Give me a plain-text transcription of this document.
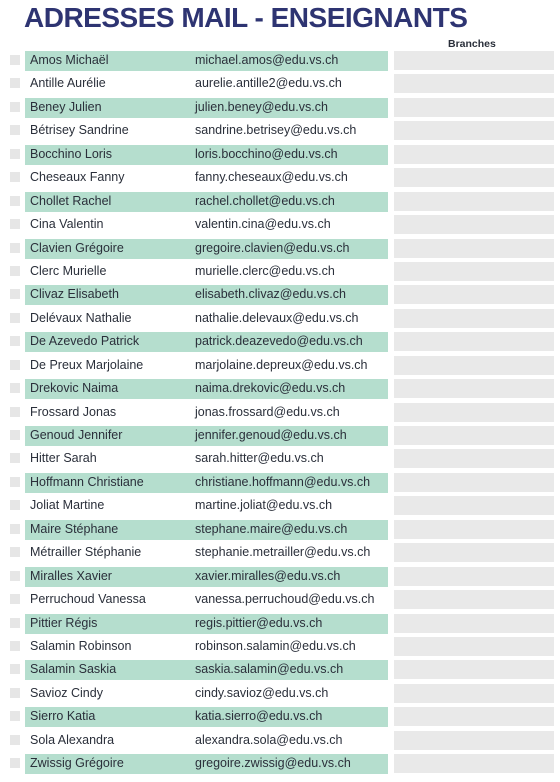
ADRESSES MAIL - ENSEIGNANTS
Branches
Amos Michaël	michael.amos@edu.vs.ch
Antille Aurélie	aurelie.antille2@edu.vs.ch
Beney Julien	julien.beney@edu.vs.ch
Bétrisey Sandrine	sandrine.betrisey@edu.vs.ch
Bocchino Loris	loris.bocchino@edu.vs.ch
Cheseaux Fanny	fanny.cheseaux@edu.vs.ch
Chollet Rachel	rachel.chollet@edu.vs.ch
Cina Valentin	valentin.cina@edu.vs.ch
Clavien Grégoire	gregoire.clavien@edu.vs.ch
Clerc Murielle	murielle.clerc@edu.vs.ch
Clivaz Elisabeth	elisabeth.clivaz@edu.vs.ch
Delévaux Nathalie	nathalie.delevaux@edu.vs.ch
De Azevedo Patrick	patrick.deazevedo@edu.vs.ch
De Preux Marjolaine	marjolaine.depreux@edu.vs.ch
Drekovic Naima	naima.drekovic@edu.vs.ch
Frossard Jonas	jonas.frossard@edu.vs.ch
Genoud Jennifer	jennifer.genoud@edu.vs.ch
Hitter Sarah	sarah.hitter@edu.vs.ch
Hoffmann Christiane	christiane.hoffmann@edu.vs.ch
Joliat Martine	martine.joliat@edu.vs.ch
Maire Stéphane	stephane.maire@edu.vs.ch
Métrailler Stéphanie	stephanie.metrailler@edu.vs.ch
Miralles Xavier	xavier.miralles@edu.vs.ch
Perruchoud Vanessa	vanessa.perruchoud@edu.vs.ch
Pittier Régis	regis.pittier@edu.vs.ch
Salamin Robinson	robinson.salamin@edu.vs.ch
Salamin Saskia	saskia.salamin@edu.vs.ch
Savioz Cindy	cindy.savioz@edu.vs.ch
Sierro Katia	katia.sierro@edu.vs.ch
Sola Alexandra	alexandra.sola@edu.vs.ch
Zwissig Grégoire	gregoire.zwissig@edu.vs.ch
